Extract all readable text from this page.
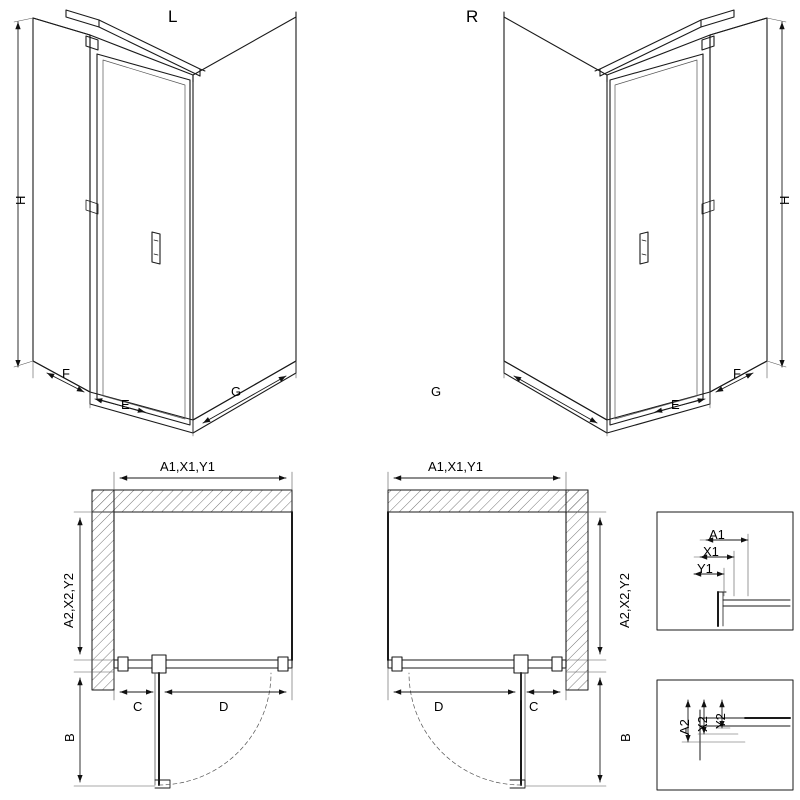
L	R
H	H
F
E
G	G
E
F
A1,X1,Y1	A1,X1,Y1
A2,X2,Y2	A2,X2,Y2
C	D	D	C
B	B
A1
X1
Y1
A2 X2 Y2
